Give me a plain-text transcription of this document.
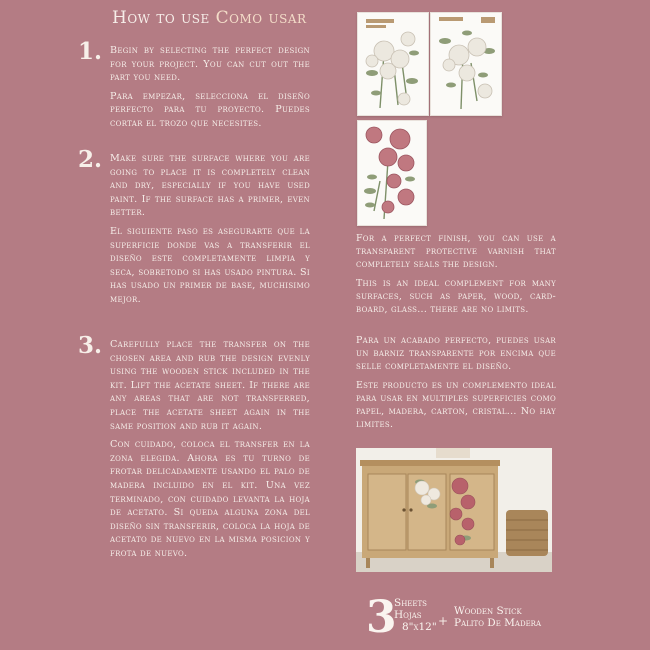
How to use Como usar
1. Begin by selecting the perfect design for your project. You can cut out the part you need.

Para empezar, selecciona el diseño perfecto para tu proyecto. Puedes cortar el trozo que necesites.

2. Make sure the surface where you are going to place it is completely clean and dry, especially if you have used paint. If the surface has a primer, even better.

El siguiente paso es asegurarte que la superficie donde vas a transferir el diseño este completamente limpia y seca, sobretodo si has usado pintura. Si has usado un primer de base, muchisimo mejor.

3. Carefully place the transfer on the chosen area and rub the design evenly using the wooden stick included in the kit. Lift the acetate sheet. If there are any areas that are not transferred, place the acetate sheet again in the same position and rub it again.

Con cuidado, coloca el transfer en la zona elegida. Ahora es tu turno de frotar delicadamente usando el palo de madera incluido en el kit. Una vez terminado, con cuidado levanta la hoja de acetato. Si queda alguna zona del diseño sin transferir, coloca la hoja de acetato de nuevo en la misma posicion y frota de nuevo.

For a perfect finish, you can use a transparent protective varnish that completely seals the design.

This is an ideal complement for many surfaces, such as paper, wood, card-board, glass... there are no limits.

Para un acabado perfecto, puedes usar un barniz transparente por encima que selle completamente el diseño.

Este producto es un complemento ideal para usar en multiples superficies como papel, madera, carton, cristal... No hay limites.

3
Sheets
Hojas
8"x12" +
Wooden Stick
Palito De Madera
